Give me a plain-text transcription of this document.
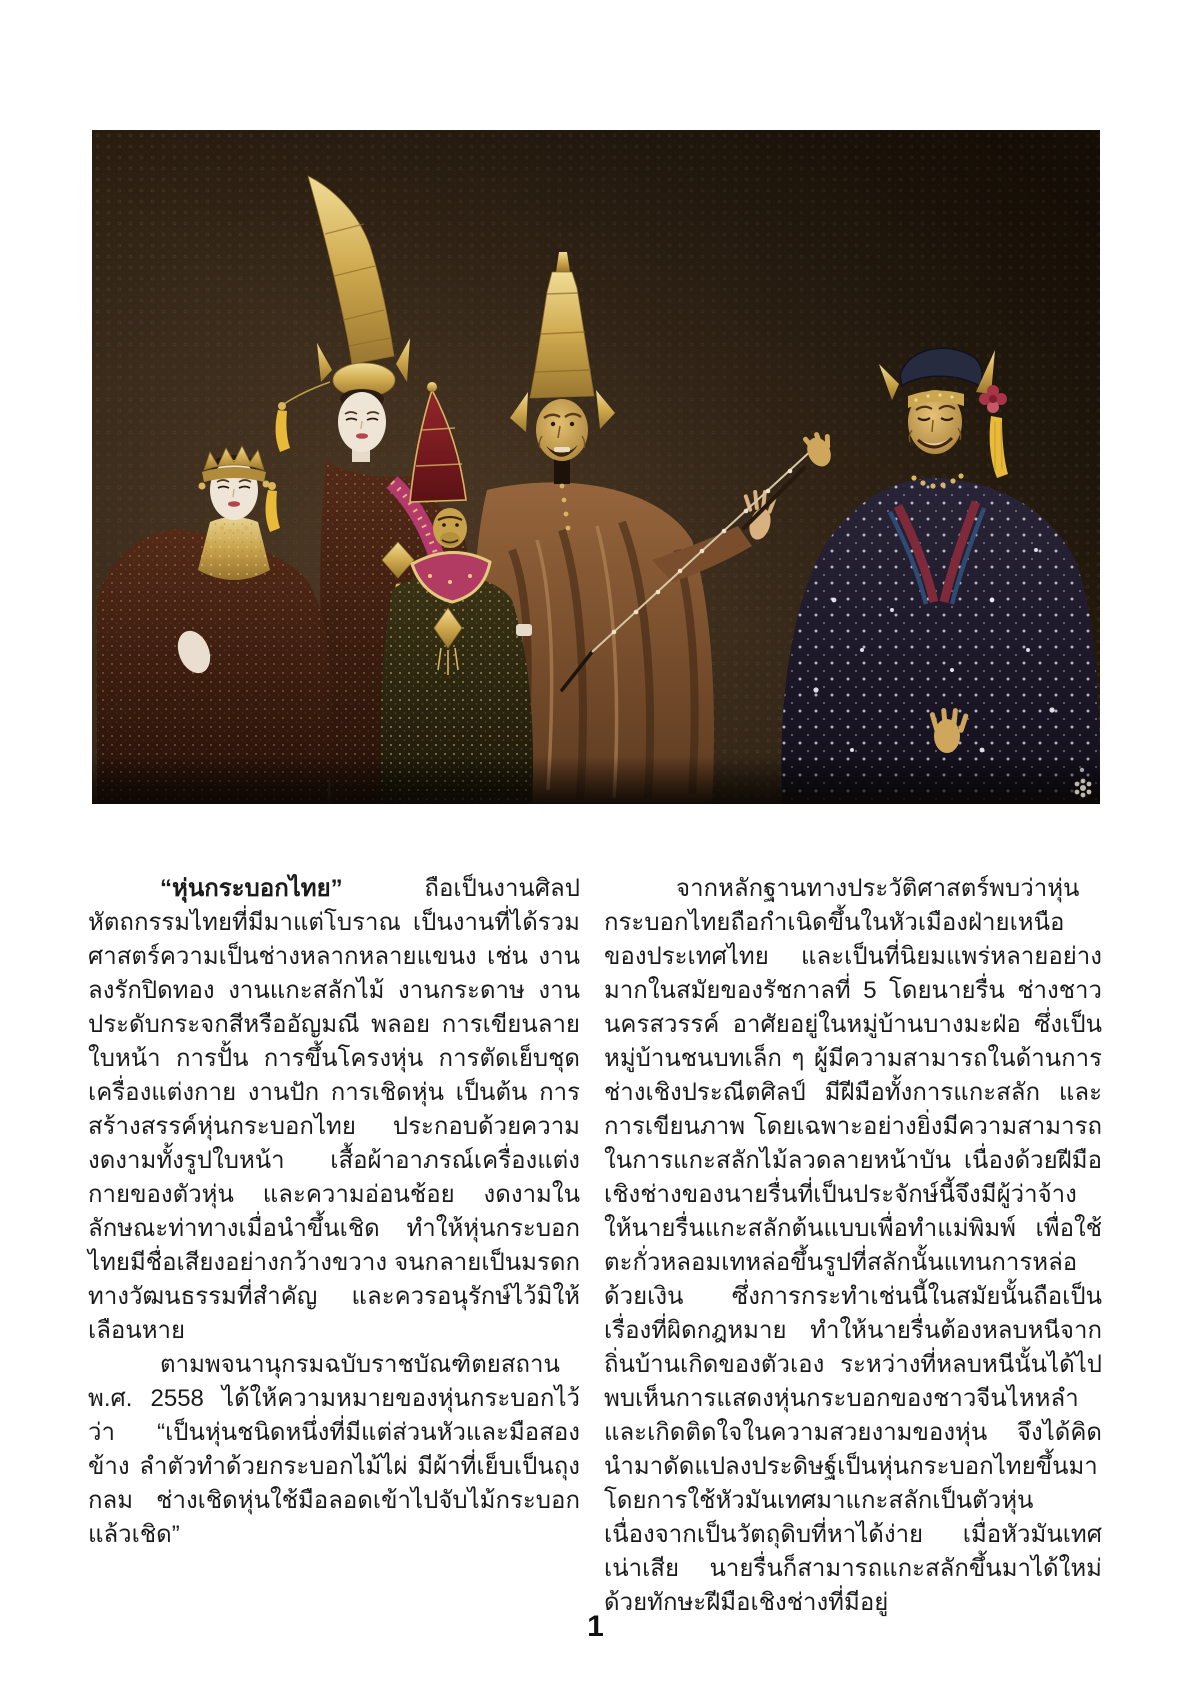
“หุ่นกระบอกไทย” ถือเป็นงานศิลปหัตถกรรมไทยที่มีมาแต่โบราณ เป็นงานที่ได้รวมศาสตร์ความเป็นช่างหลากหลายแขนง เช่น งานลงรักปิดทอง งานแกะสลักไม้ งานกระดาษ งานประดับกระจกสีหรืออัญมณี พลอย การเขียนลายใบหน้า การปั้น การขึ้นโครงหุ่น การตัดเย็บชุดเครื่องแต่งกาย งานปัก การเชิดหุ่น เป็นต้น การสร้างสรรค์หุ่นกระบอกไทย ประกอบด้วยความงดงามทั้งรูปใบหน้า เสื้อผ้าอาภรณ์เครื่องแต่งกายของตัวหุ่น และความอ่อนช้อย งดงามในลักษณะท่าทางเมื่อนำขึ้นเชิด ทำให้หุ่นกระบอกไทยมีชื่อเสียงอย่างกว้างขวาง จนกลายเป็นมรดกทางวัฒนธรรมที่สำคัญ และควรอนุรักษ์ไว้มิให้เลือนหาย

ตามพจนานุกรมฉบับราชบัณฑิตยสถาน พ.ศ. 2558 ได้ให้ความหมายของหุ่นกระบอกไว้ว่า “เป็นหุ่นชนิดหนึ่งที่มีแต่ส่วนหัวและมือสองข้าง ลำตัวทำด้วยกระบอกไม้ไผ่ มีผ้าที่เย็บเป็นถุงกลม ช่างเชิดหุ่นใช้มือลอดเข้าไปจับไม้กระบอกแล้วเชิด”

จากหลักฐานทางประวัติศาสตร์พบว่าหุ่นกระบอกไทยถือกำเนิดขึ้นในหัวเมืองฝ่ายเหนือของประเทศไทย และเป็นที่นิยมแพร่หลายอย่างมากในสมัยของรัชกาลที่ 5 โดยนายรื่น ช่างชาวนครสวรรค์ อาศัยอยู่ในหมู่บ้านบางมะฝ่อ ซึ่งเป็นหมู่บ้านชนบทเล็ก ๆ ผู้มีความสามารถในด้านการช่างเชิงประณีตศิลป์ มีฝีมือทั้งการแกะสลัก และการเขียนภาพ โดยเฉพาะอย่างยิ่งมีความสามารถในการแกะสลักไม้ลวดลายหน้าบัน เนื่องด้วยฝีมือเชิงช่างของนายรื่นที่เป็นประจักษ์นี้จึงมีผู้ว่าจ้างให้นายรื่นแกะสลักต้นแบบเพื่อทำแม่พิมพ์ เพื่อใช้ตะกั่วหลอมเทหล่อขึ้นรูปที่สลักนั้นแทนการหล่อด้วยเงิน ซึ่งการกระทำเช่นนี้ในสมัยนั้นถือเป็นเรื่องที่ผิดกฎหมาย ทำให้นายรื่นต้องหลบหนีจากถิ่นบ้านเกิดของตัวเอง ระหว่างที่หลบหนีนั้นได้ไปพบเห็นการแสดงหุ่นกระบอกของชาวจีนไหหลำ และเกิดติดใจในความสวยงามของหุ่น จึงได้คิดนำมาดัดแปลงประดิษฐ์เป็นหุ่นกระบอกไทยขึ้นมา โดยการใช้หัวมันเทศมาแกะสลักเป็นตัวหุ่น เนื่องจากเป็นวัตถุดิบที่หาได้ง่าย เมื่อหัวมันเทศเน่าเสีย นายรื่นก็สามารถแกะสลักขึ้นมาได้ใหม่ด้วยทักษะฝีมือเชิงช่างที่มีอยู่

1
